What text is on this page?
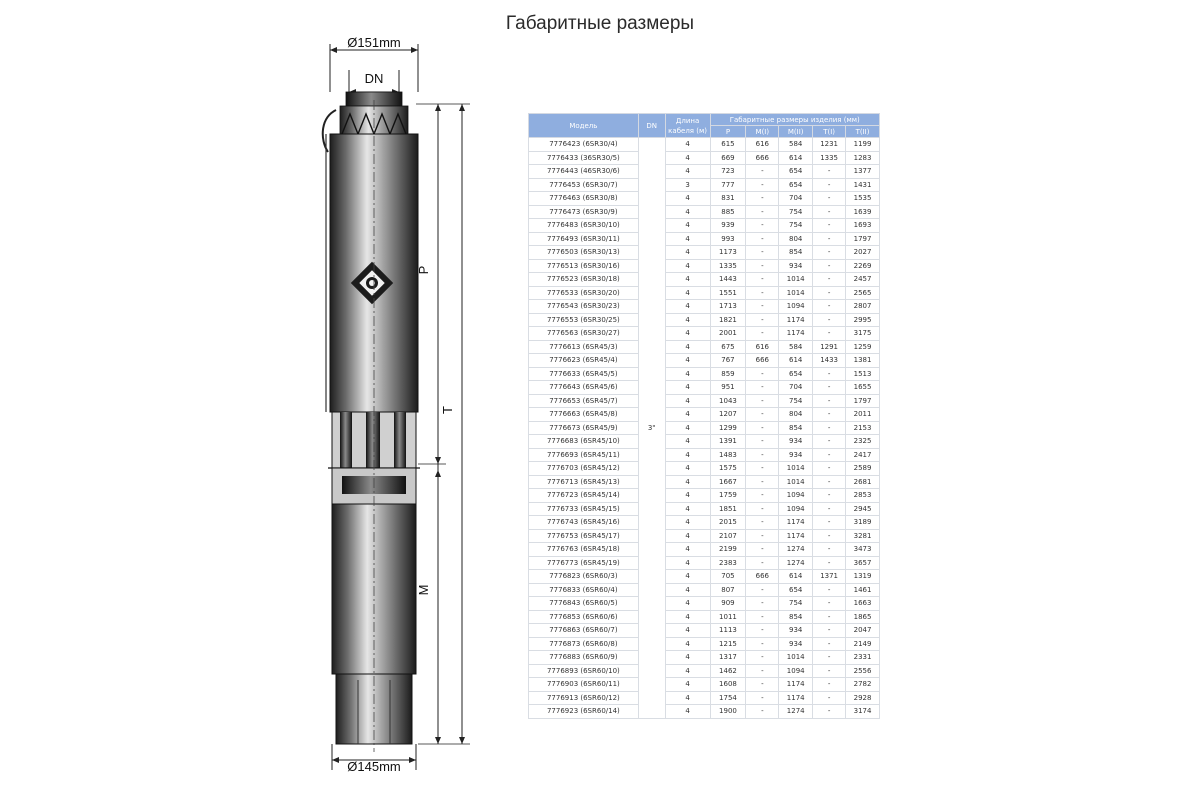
Габаритные размеры
Ø151mm
DN
P
T
M
Ø145mm
Модель	DN	Длина кабеля (м)	Габаритные размеры изделия (мм)				
			P	M(I)	M(II)	T(I)	T(II)
7776423 (6SR30/4)	3"	4	615	616	584	1231	1199
7776433 (36SR30/5)		4	669	666	614	1335	1283
7776443 (46SR30/6)		4	723	-	654	-	1377
7776453 (6SR30/7)		3	777	-	654	-	1431
7776463 (6SR30/8)		4	831	-	704	-	1535
7776473 (6SR30/9)		4	885	-	754	-	1639
7776483 (6SR30/10)		4	939	-	754	-	1693
7776493 (6SR30/11)		4	993	-	804	-	1797
7776503 (6SR30/13)		4	1173	-	854	-	2027
7776513 (6SR30/16)		4	1335	-	934	-	2269
7776523 (6SR30/18)		4	1443	-	1014	-	2457
7776533 (6SR30/20)		4	1551	-	1014	-	2565
7776543 (6SR30/23)		4	1713	-	1094	-	2807
7776553 (6SR30/25)		4	1821	-	1174	-	2995
7776563 (6SR30/27)		4	2001	-	1174	-	3175
7776613 (6SR45/3)		4	675	616	584	1291	1259
7776623 (6SR45/4)		4	767	666	614	1433	1381
7776633 (6SR45/5)		4	859	-	654	-	1513
7776643 (6SR45/6)		4	951	-	704	-	1655
7776653 (6SR45/7)		4	1043	-	754	-	1797
7776663 (6SR45/8)		4	1207	-	804	-	2011
7776673 (6SR45/9)		4	1299	-	854	-	2153
7776683 (6SR45/10)		4	1391	-	934	-	2325
7776693 (6SR45/11)		4	1483	-	934	-	2417
7776703 (6SR45/12)		4	1575	-	1014	-	2589
7776713 (6SR45/13)		4	1667	-	1014	-	2681
7776723 (6SR45/14)		4	1759	-	1094	-	2853
7776733 (6SR45/15)		4	1851	-	1094	-	2945
7776743 (6SR45/16)		4	2015	-	1174	-	3189
7776753 (6SR45/17)		4	2107	-	1174	-	3281
7776763 (6SR45/18)		4	2199	-	1274	-	3473
7776773 (6SR45/19)		4	2383	-	1274	-	3657
7776823 (6SR60/3)		4	705	666	614	1371	1319
7776833 (6SR60/4)		4	807	-	654	-	1461
7776843 (6SR60/5)		4	909	-	754	-	1663
7776853 (6SR60/6)		4	1011	-	854	-	1865
7776863 (6SR60/7)		4	1113	-	934	-	2047
7776873 (6SR60/8)		4	1215	-	934	-	2149
7776883 (6SR60/9)		4	1317	-	1014	-	2331
7776893 (6SR60/10)		4	1462	-	1094	-	2556
7776903 (6SR60/11)		4	1608	-	1174	-	2782
7776913 (6SR60/12)		4	1754	-	1174	-	2928
7776923 (6SR60/14)		4	1900	-	1274	-	3174
